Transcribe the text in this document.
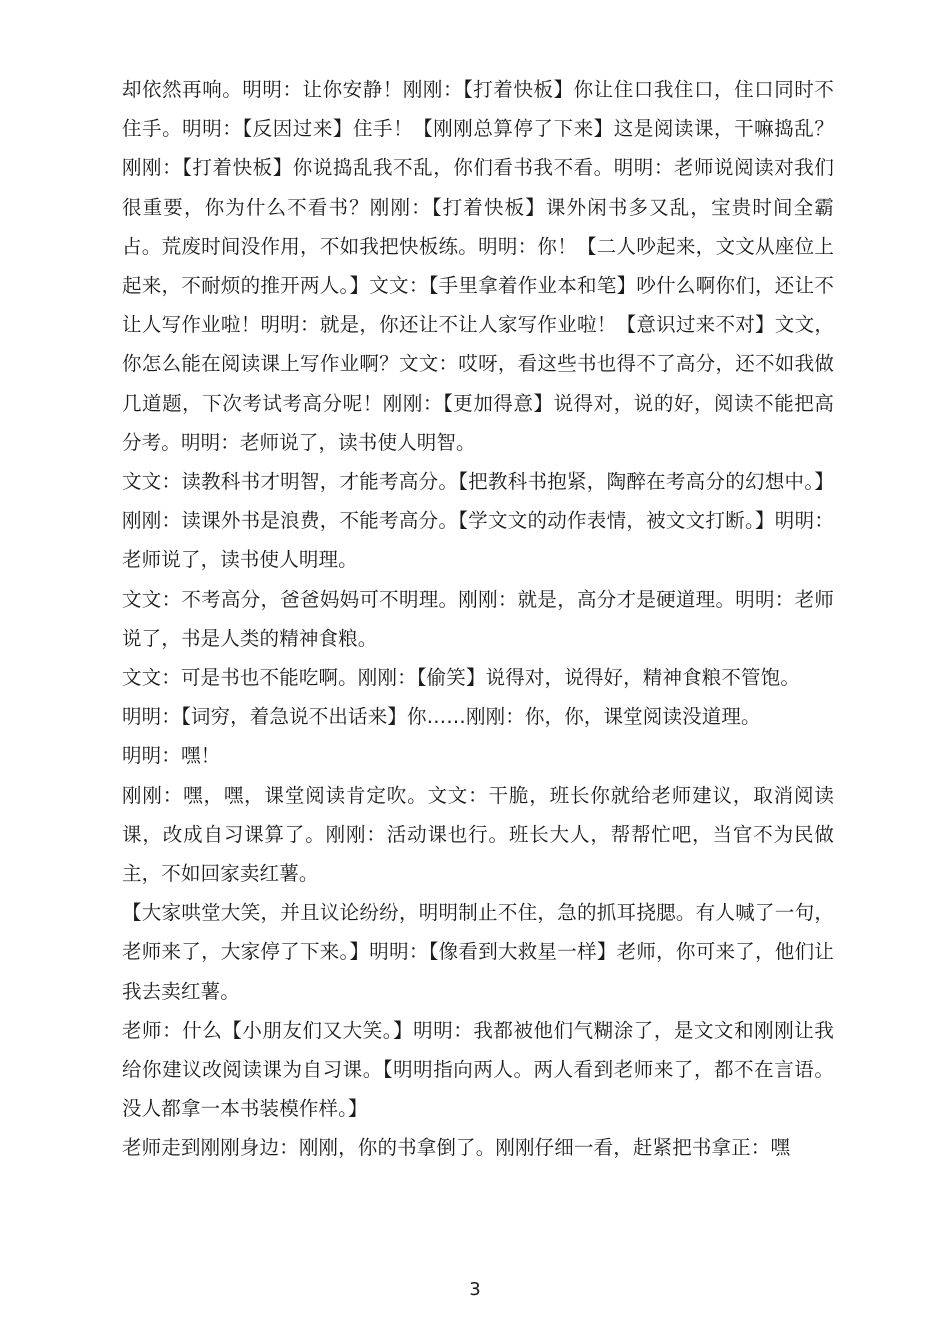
却依然再响。明明：让你安静！刚刚：【打着快板】你让住口我住口，住口同时不住手。明明：【反因过来】住手！【刚刚总算停了下来】这是阅读课，干嘛捣乱？刚刚：【打着快板】你说捣乱我不乱，你们看书我不看。明明：老师说阅读对我们很重要，你为什么不看书？刚刚：【打着快板】课外闲书多又乱，宝贵时间全霸占。荒废时间没作用，不如我把快板练。明明：你！【二人吵起来，文文从座位上起来，不耐烦的推开两人。】文文：【手里拿着作业本和笔】吵什么啊你们，还让不让人写作业啦！明明：就是，你还让不让人家写作业啦！【意识过来不对】文文，你怎么能在阅读课上写作业啊？文文：哎呀，看这些书也得不了高分，还不如我做几道题，下次考试考高分呢！刚刚：【更加得意】说得对，说的好，阅读不能把高分考。明明：老师说了，读书使人明智。

文文：读教科书才明智，才能考高分。【把教科书抱紧，陶醉在考高分的幻想中。】刚刚：读课外书是浪费，不能考高分。【学文文的动作表情，被文文打断。】明明：老师说了，读书使人明理。

文文：不考高分，爸爸妈妈可不明理。刚刚：就是，高分才是硬道理。明明：老师说了，书是人类的精神食粮。

文文：可是书也不能吃啊。刚刚：【偷笑】说得对，说得好，精神食粮不管饱。

明明：【词穷，着急说不出话来】你……刚刚：你，你，课堂阅读没道理。

明明：嘿！

刚刚：嘿，嘿，课堂阅读肯定吹。文文：干脆，班长你就给老师建议，取消阅读课，改成自习课算了。刚刚：活动课也行。班长大人，帮帮忙吧，当官不为民做主，不如回家卖红薯。

【大家哄堂大笑，并且议论纷纷，明明制止不住，急的抓耳挠腮。有人喊了一句，老师来了，大家停了下来。】明明：【像看到大救星一样】老师，你可来了，他们让我去卖红薯。

老师：什么【小朋友们又大笑。】明明：我都被他们气糊涂了，是文文和刚刚让我给你建议改阅读课为自习课。【明明指向两人。两人看到老师来了，都不在言语。没人都拿一本书装模作样。】

老师走到刚刚身边：刚刚，你的书拿倒了。刚刚仔细一看，赶紧把书拿正：嘿

3
